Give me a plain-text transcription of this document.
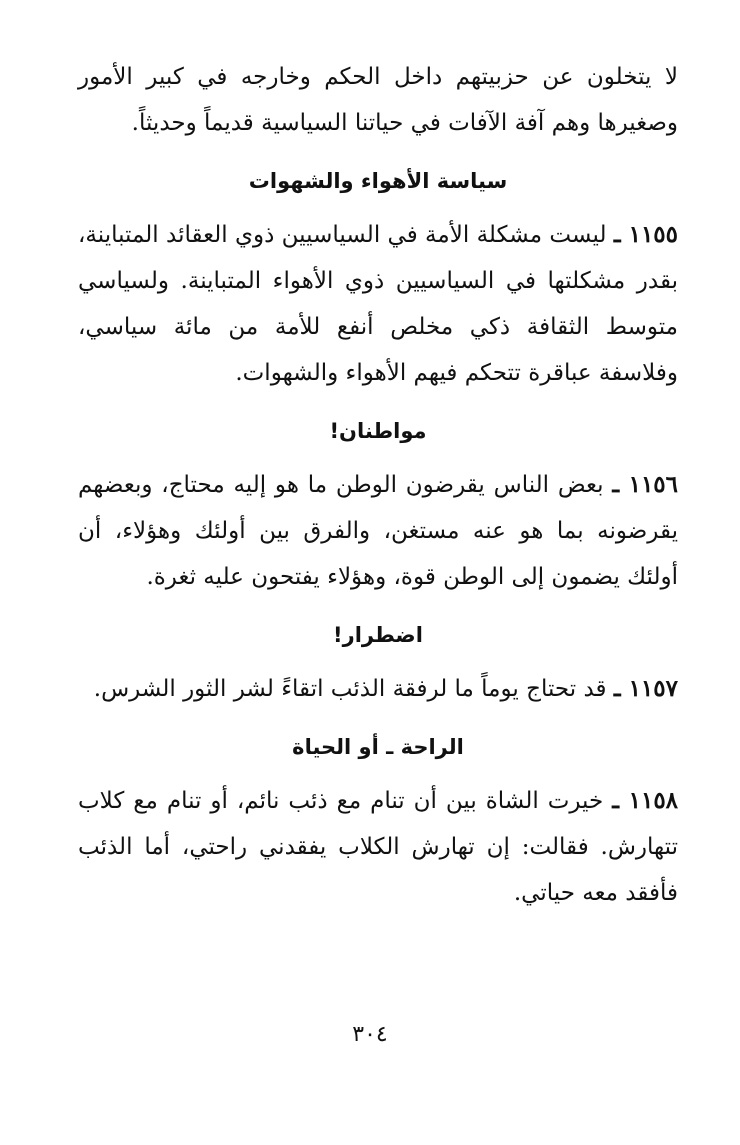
لا يتخلون عن حزبيتهم داخل الحكم وخارجه في كبير الأمور وصغيرها وهم آفة الآفات في حياتنا السياسية قديماً وحديثاً.

سياسة الأهواء والشهوات

١١٥٥ ـ ليست مشكلة الأمة في السياسيين ذوي العقائد المتباينة، بقدر مشكلتها في السياسيين ذوي الأهواء المتباينة. ولسياسي متوسط الثقافة ذكي مخلص أنفع للأمة من مائة سياسي، وفلاسفة عباقرة تتحكم فيهم الأهواء والشهوات.

مواطنان!

١١٥٦ ـ بعض الناس يقرضون الوطن ما هو إليه محتاج، وبعضهم يقرضونه بما هو عنه مستغن، والفرق بين أولئك وهؤلاء، أن أولئك يضمون إلى الوطن قوة، وهؤلاء يفتحون عليه ثغرة.

اضطرار!

١١٥٧ ـ قد تحتاج يوماً ما لرفقة الذئب اتقاءً لشر الثور الشرس.

الراحة ـ أو الحياة

١١٥٨ ـ خيرت الشاة بين أن تنام مع ذئب نائم، أو تنام مع كلاب تتهارش. فقالت: إن تهارش الكلاب يفقدني راحتي، أما الذئب فأفقد معه حياتي.

٣٠٤
